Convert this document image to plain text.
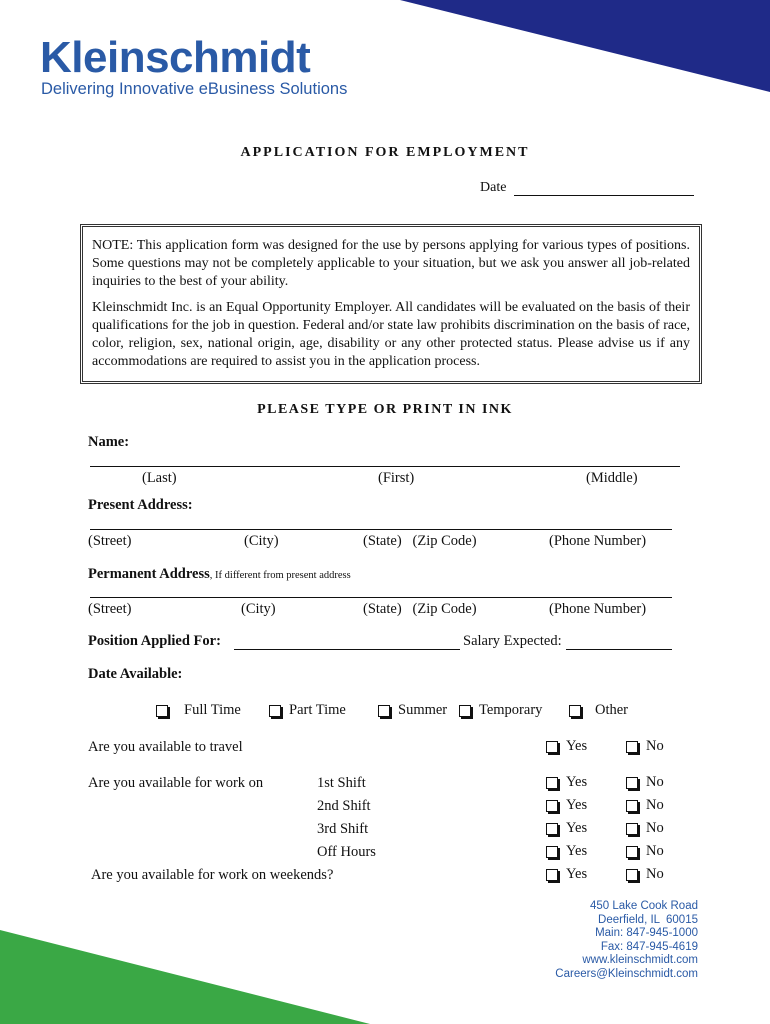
Kleinschmidt
Delivering Innovative eBusiness Solutions
APPLICATION FOR EMPLOYMENT
Date

NOTE: This application form was designed for the use by persons applying for various types of positions. Some questions may not be completely applicable to your situation, but we ask you answer all job-related inquiries to the best of your ability.

Kleinschmidt Inc. is an Equal Opportunity Employer. All candidates will be evaluated on the basis of their qualifications for the job in question. Federal and/or state law prohibits discrimination on the basis of race, color, religion, sex, national origin, age, disability or any other protected status. Please advise us if any accommodations are required to assist you in the application process.

PLEASE TYPE OR PRINT IN INK
Name:
(Last)	(First)	(Middle)
Present Address:
(Street)	(City)	(State)   (Zip Code)	(Phone Number)
Permanent Address, If different from present address
(Street)	(City)	(State)   (Zip Code)	(Phone Number)
Position Applied For:	Salary Expected:
Date Available:
Full Time	Part Time	Summer Temporary	Other
Are you available to travel	Yes	No
Are you available for work on	1st Shift	Yes	No
2nd Shift	Yes	No
3rd Shift	Yes	No
Off Hours	Yes	No
Are you available for work on weekends?	Yes	No
450 Lake Cook Road
Deerfield, IL  60015
Main: 847-945-1000
Fax: 847-945-4619
www.kleinschmidt.com
Careers@Kleinschmidt.com
